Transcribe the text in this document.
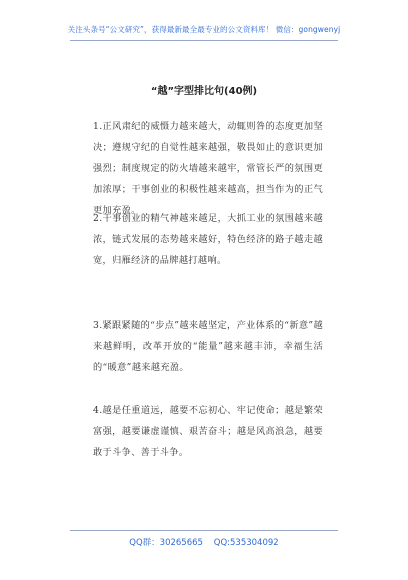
关注头条号“公文研究”，获得最新最全最专业的公文资料库！ 微信：gongwenyj
“越”字型排比句(40例)

1.正风肃纪的威慑力越来越大，动辄则咎的态度更加坚决；遵规守纪的自觉性越来越强，敬畏如止的意识更加强烈；制度规定的防火墙越来越牢，常管长严的氛围更加浓厚；干事创业的积极性越来越高，担当作为的正气更加充盈。

2.干事创业的精气神越来越足，大抓工业的氛围越来越浓，链式发展的态势越来越好，特色经济的路子越走越宽，归雁经济的品牌越打越响。

3.紧跟紧随的“步点”越来越坚定，产业体系的“新意”越来越鲜明，改革开放的“能量”越来越丰沛，幸福生活的“暖意”越来越充盈。

4.越是任重道远，越要不忘初心、牢记使命；越是繁荣富强，越要谦虚谨慎、艰苦奋斗；越是风高浪急，越要敢于斗争、善于斗争。

QQ群：30265665 QQ:535304092
